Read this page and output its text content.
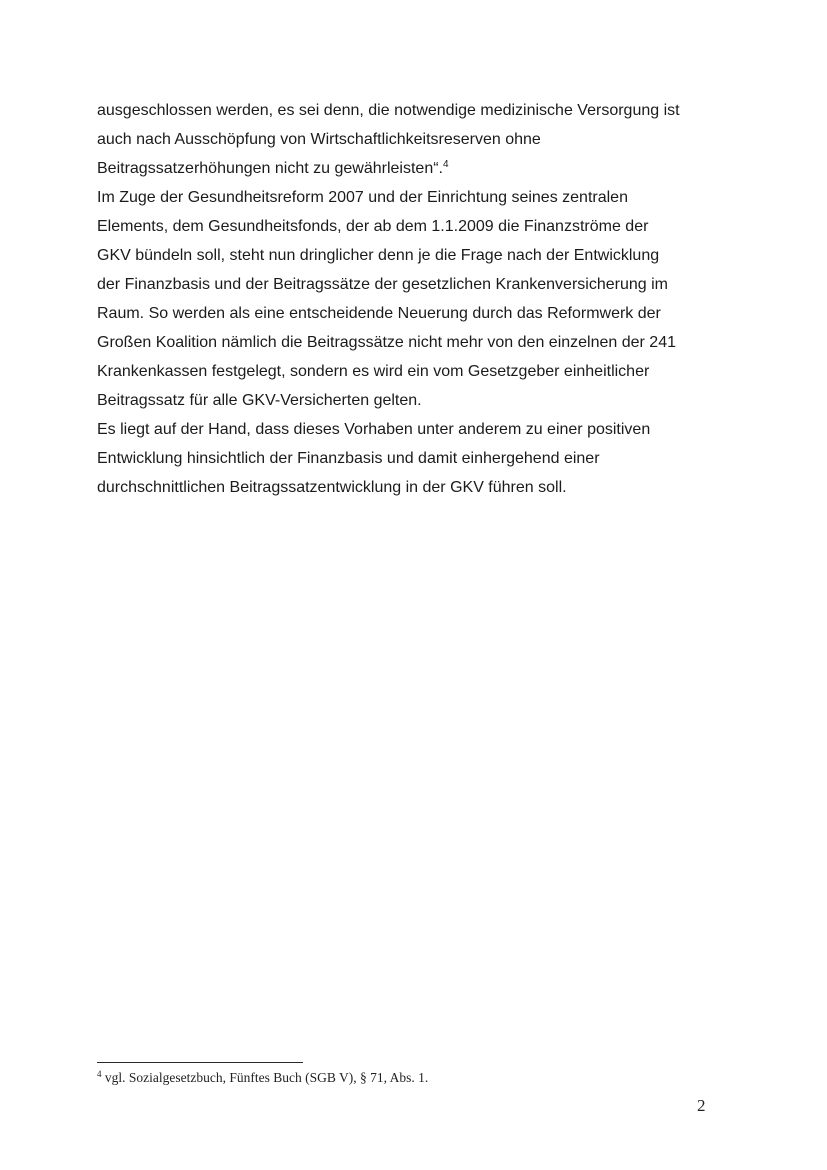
ausgeschlossen werden, es sei denn, die notwendige medizinische Versorgung ist
auch nach Ausschöpfung von Wirtschaftlichkeitsreserven ohne
Beitragssatzerhöhungen nicht zu gewährleisten“.$^4$
Im Zuge der Gesundheitsreform 2007 und der Einrichtung seines zentralen
Elements, dem Gesundheitsfonds, der ab dem 1.1.2009 die Finanzströme der
GKV bündeln soll, steht nun dringlicher denn je die Frage nach der Entwicklung
der Finanzbasis und der Beitragssätze der gesetzlichen Krankenversicherung im
Raum. So werden als eine entscheidende Neuerung durch das Reformwerk der
Großen Koalition nämlich die Beitragssätze nicht mehr von den einzelnen der 241
Krankenkassen festgelegt, sondern es wird ein vom Gesetzgeber einheitlicher
Beitragssatz für alle GKV-Versicherten gelten.
Es liegt auf der Hand, dass dieses Vorhaben unter anderem zu einer positiven
Entwicklung hinsichtlich der Finanzbasis und damit einhergehend einer
durchschnittlichen Beitragssatzentwicklung in der GKV führen soll.
$^4$ vgl. Sozialgesetzbuch, Fünftes Buch (SGB V), § 71, Abs. 1.
2
